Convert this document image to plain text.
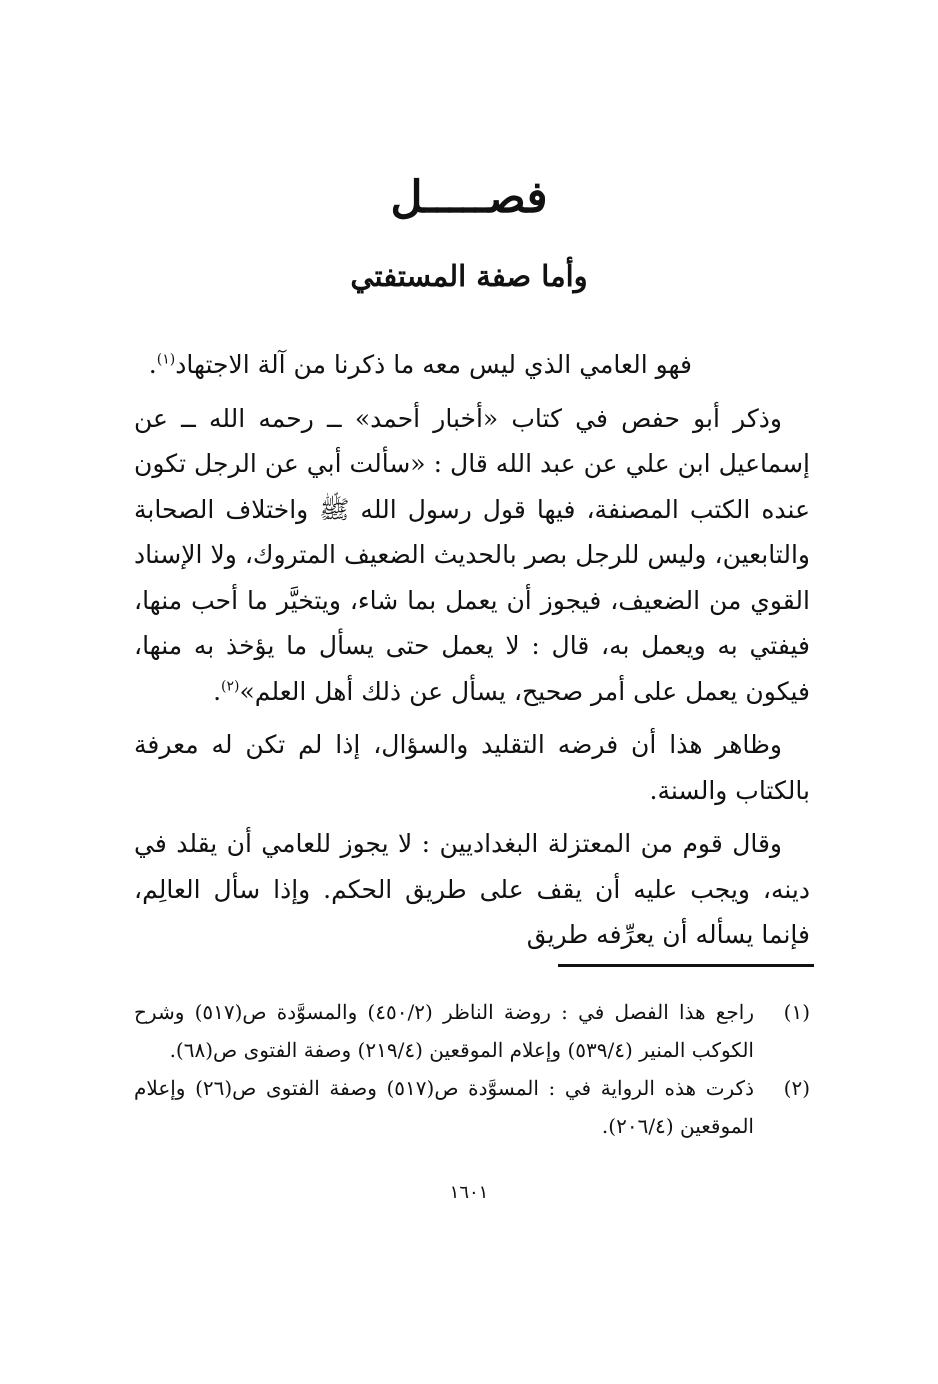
فصـــــل
وأما صفة المستفتي

فهو العامي الذي ليس معه ما ذكرنا من آلة الاجتهاد$^{(١)}$.

وذكر أبو حفص في كتاب «أخبار أحمد» ــ رحمه الله ــ عن إسماعيل ابن علي عن عبد الله قال : «سألت أبي عن الرجل تكون عنده الكتب المصنفة، فيها قول رسول الله ﷺ واختلاف الصحابة والتابعين، وليس للرجل بصر بالحديث الضعيف المتروك، ولا الإسناد القوي من الضعيف، فيجوز أن يعمل بما شاء، ويتخيَّر ما أحب منها، فيفتي به ويعمل به، قال : لا يعمل حتى يسأل ما يؤخذ به منها، فيكون يعمل على أمر صحيح، يسأل عن ذلك أهل العلم»$^{(٢)}$.

وظاهر هذا أن فرضه التقليد والسؤال، إذا لم تكن له معرفة بالكتاب والسنة.

وقال قوم من المعتزلة البغداديين : لا يجوز للعامي أن يقلد في دينه، ويجب عليه أن يقف على طريق الحكم. وإذا سأل العالِم، فإنما يسأله أن يعرِّفه طريق

(١)
راجع هذا الفصل في : روضة الناظر (٤٥٠/٢) والمسوَّدة ص(٥١٧) وشرح الكوكب المنير (٥٣٩/٤) وإعلام الموقعين (٢١٩/٤) وصفة الفتوى ص(٦٨).
(٢)
ذكرت هذه الرواية في : المسوَّدة ص(٥١٧) وصفة الفتوى ص(٢٦) وإعلام الموقعين (٢٠٦/٤).
١٦٠١
